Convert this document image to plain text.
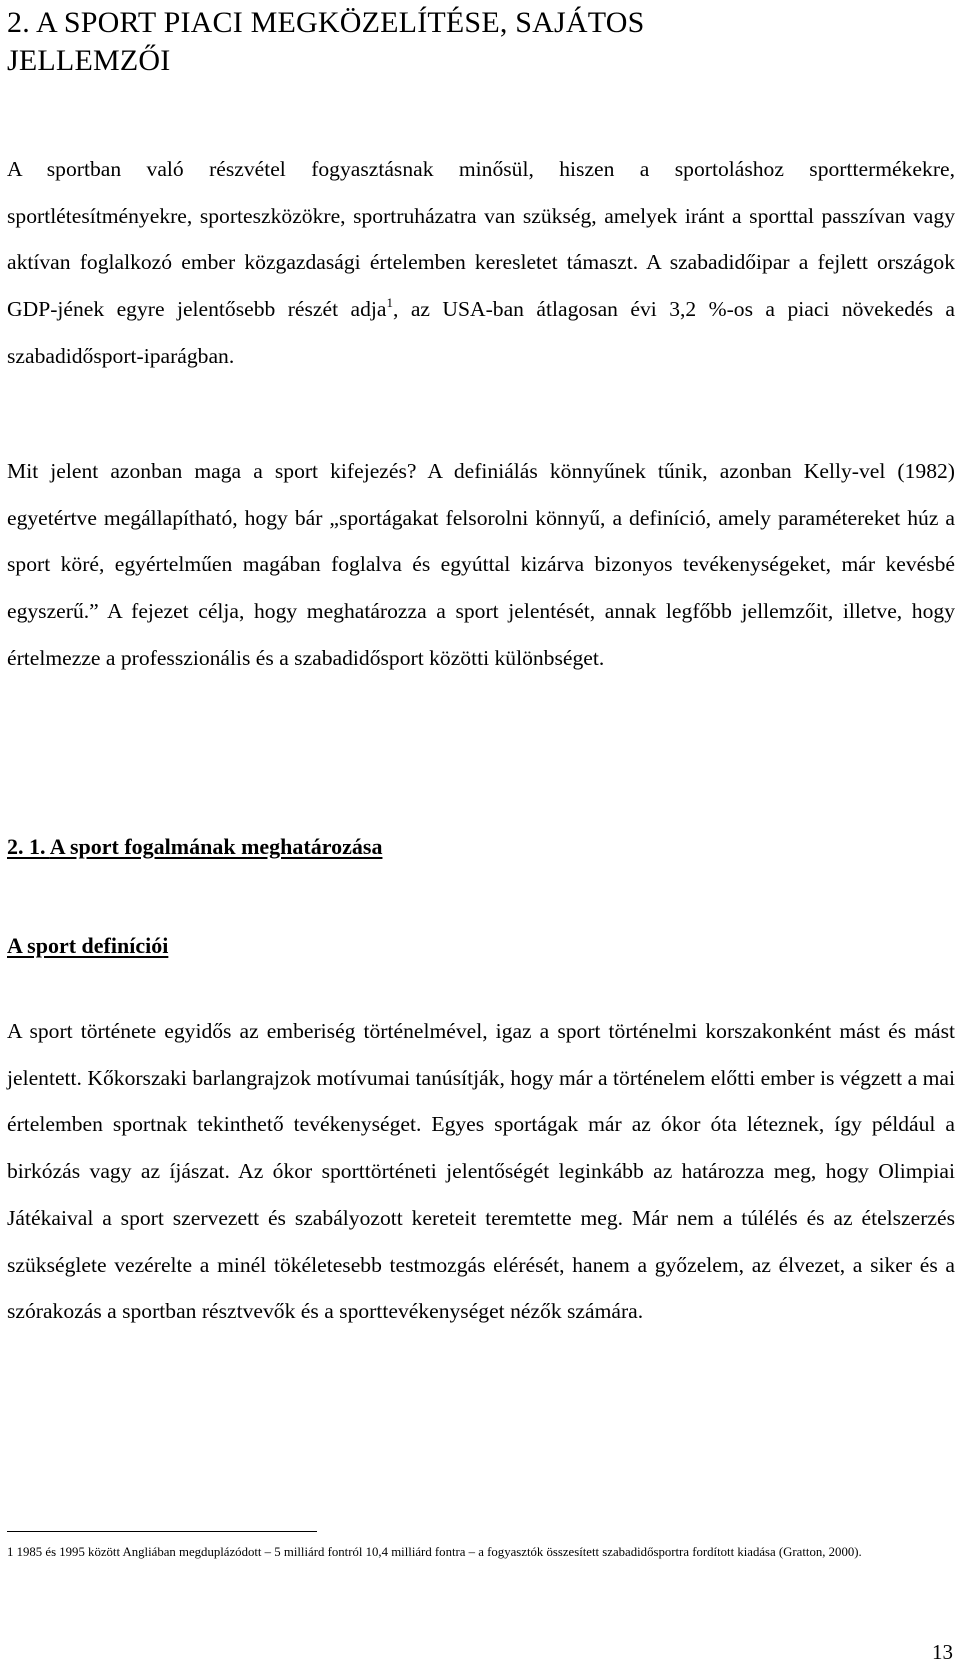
2. A SPORT PIACI MEGKÖZELÍTÉSE, SAJÁTOS
JELLEMZŐI

A sportban való részvétel fogyasztásnak minősül, hiszen a sportoláshoz sporttermékekre, sportlétesítményekre, sporteszközökre, sportruházatra van szükség, amelyek iránt a sporttal passzívan vagy aktívan foglalkozó ember közgazdasági értelemben keresletet támaszt. A szabadidőipar a fejlett országok GDP-jének egyre jelentősebb részét adja$^1$, az USA-ban átlagosan évi 3,2 %-os a piaci növekedés a szabadidősport-iparágban.

Mit jelent azonban maga a sport kifejezés? A definiálás könnyűnek tűnik, azonban Kelly-vel (1982) egyetértve megállapítható, hogy bár „sportágakat felsorolni könnyű, a definíció, amely paramétereket húz a sport köré, egyértelműen magában foglalva és egyúttal kizárva bizonyos tevékenységeket, már kevésbé egyszerű.” A fejezet célja, hogy meghatározza a sport jelentését, annak legfőbb jellemzőit, illetve, hogy értelmezze a professzionális és a szabadidősport közötti különbséget.

2. 1. A sport fogalmának meghatározása
A sport definíciói

A sport története egyidős az emberiség történelmével, igaz a sport történelmi korszakonként mást és mást jelentett. Kőkorszaki barlangrajzok motívumai tanúsítják, hogy már a történelem előtti ember is végzett a mai értelemben sportnak tekinthető tevékenységet. Egyes sportágak már az ókor óta léteznek, így például a birkózás vagy az íjászat. Az ókor sporttörténeti jelentőségét leginkább az határozza meg, hogy Olimpiai Játékaival a sport szervezett és szabályozott kereteit teremtette meg. Már nem a túlélés és az ételszerzés szükséglete vezérelte a minél tökéletesebb testmozgás elérését, hanem a győzelem, az élvezet, a siker és a szórakozás a sportban résztvevők és a sporttevékenységet nézők számára.

1 1985 és 1995 között Angliában megduplázódott – 5 milliárd fontról 10,4 milliárd fontra – a fogyasztók összesített szabadidősportra fordított kiadása (Gratton, 2000).

13
